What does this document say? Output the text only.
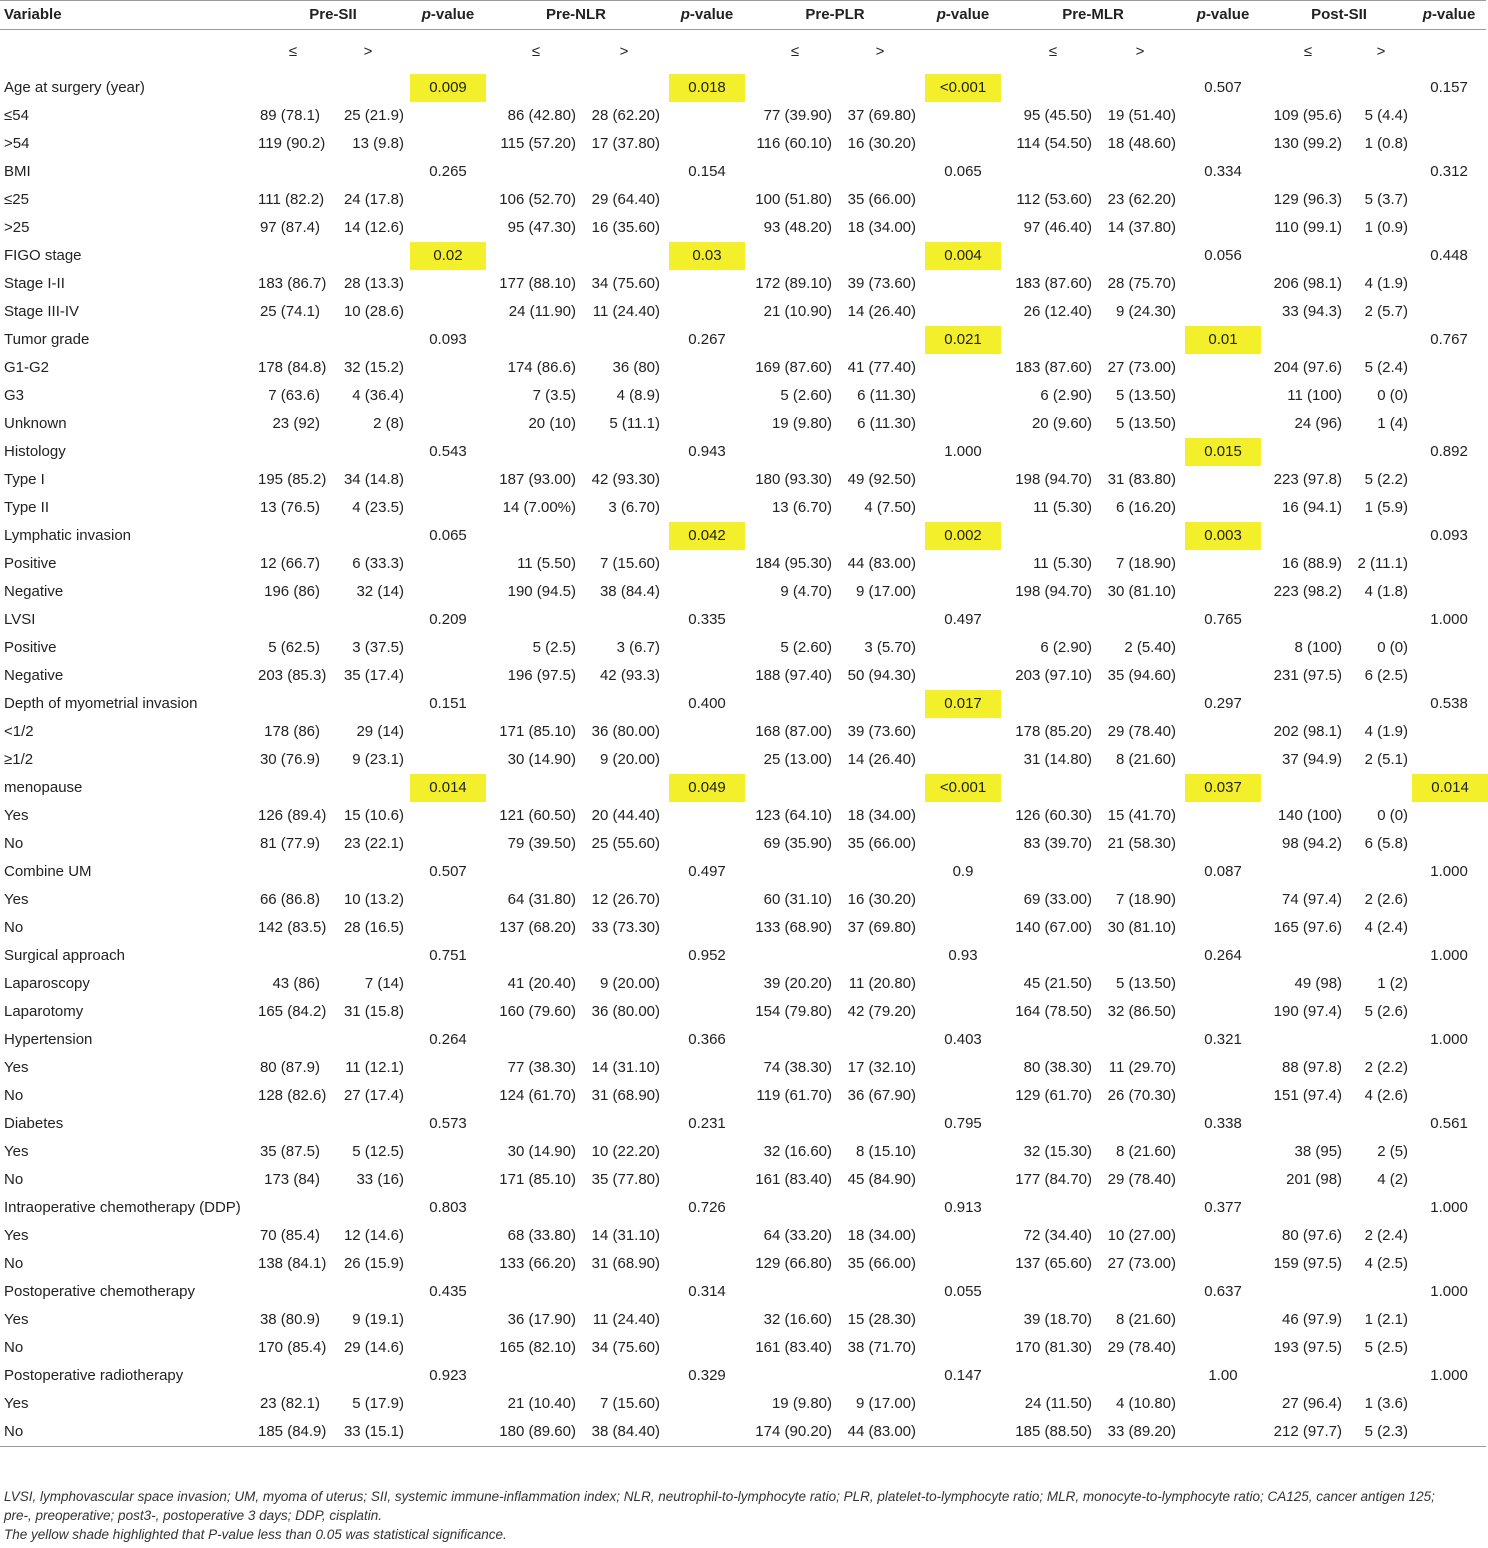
Variable	Pre-SII		p-value	Pre-NLR		p-value	Pre-PLR		p-value	Pre-MLR		p-value	Post-SII		p-value
	≤	>		≤	>		≤	>		≤	>		≤	>	
Age at surgery (year)			0.009			0.018			<0.001			0.507			0.157
≤54	89 (78.1)	25 (21.9)		86 (42.80)	28 (62.20)		77 (39.90)	37 (69.80)		95 (45.50)	19 (51.40)		109 (95.6)	5 (4.4)	
>54	119 (90.2)	13 (9.8)		115 (57.20)	17 (37.80)		116 (60.10)	16 (30.20)		114 (54.50)	18 (48.60)		130 (99.2)	1 (0.8)	
BMI			0.265			0.154			0.065			0.334			0.312
≤25	111 (82.2)	24 (17.8)		106 (52.70)	29 (64.40)		100 (51.80)	35 (66.00)		112 (53.60)	23 (62.20)		129 (96.3)	5 (3.7)	
>25	97 (87.4)	14 (12.6)		95 (47.30)	16 (35.60)		93 (48.20)	18 (34.00)		97 (46.40)	14 (37.80)		110 (99.1)	1 (0.9)	
FIGO stage			0.02			0.03			0.004			0.056			0.448
Stage I-II	183 (86.7)	28 (13.3)		177 (88.10)	34 (75.60)		172 (89.10)	39 (73.60)		183 (87.60)	28 (75.70)		206 (98.1)	4 (1.9)	
Stage III-IV	25 (74.1)	10 (28.6)		24 (11.90)	11 (24.40)		21 (10.90)	14 (26.40)		26 (12.40)	9 (24.30)		33 (94.3)	2 (5.7)	
Tumor grade			0.093			0.267			0.021			0.01			0.767
G1-G2	178 (84.8)	32 (15.2)		174 (86.6)	36 (80)		169 (87.60)	41 (77.40)		183 (87.60)	27 (73.00)		204 (97.6)	5 (2.4)	
G3	7 (63.6)	4 (36.4)		7 (3.5)	4 (8.9)		5 (2.60)	6 (11.30)		6 (2.90)	5 (13.50)		11 (100)	0 (0)	
Unknown	23 (92)	2 (8)		20 (10)	5 (11.1)		19 (9.80)	6 (11.30)		20 (9.60)	5 (13.50)		24 (96)	1 (4)	
Histology			0.543			0.943			1.000			0.015			0.892
Type I	195 (85.2)	34 (14.8)		187 (93.00)	42 (93.30)		180 (93.30)	49 (92.50)		198 (94.70)	31 (83.80)		223 (97.8)	5 (2.2)	
Type II	13 (76.5)	4 (23.5)		14 (7.00%)	3 (6.70)		13 (6.70)	4 (7.50)		11 (5.30)	6 (16.20)		16 (94.1)	1 (5.9)	
Lymphatic invasion			0.065			0.042			0.002			0.003			0.093
Positive	12 (66.7)	6 (33.3)		11 (5.50)	7 (15.60)		184 (95.30)	44 (83.00)		11 (5.30)	7 (18.90)		16 (88.9)	2 (11.1)	
Negative	196 (86)	32 (14)		190 (94.5)	38 (84.4)		9 (4.70)	9 (17.00)		198 (94.70)	30 (81.10)		223 (98.2)	4 (1.8)	
LVSI			0.209			0.335			0.497			0.765			1.000
Positive	5 (62.5)	3 (37.5)		5 (2.5)	3 (6.7)		5 (2.60)	3 (5.70)		6 (2.90)	2 (5.40)		8 (100)	0 (0)	
Negative	203 (85.3)	35 (17.4)		196 (97.5)	42 (93.3)		188 (97.40)	50 (94.30)		203 (97.10)	35 (94.60)		231 (97.5)	6 (2.5)	
Depth of myometrial invasion			0.151			0.400			0.017			0.297			0.538
<1/2	178 (86)	29 (14)		171 (85.10)	36 (80.00)		168 (87.00)	39 (73.60)		178 (85.20)	29 (78.40)		202 (98.1)	4 (1.9)	
≥1/2	30 (76.9)	9 (23.1)		30 (14.90)	9 (20.00)		25 (13.00)	14 (26.40)		31 (14.80)	8 (21.60)		37 (94.9)	2 (5.1)	
menopause			0.014			0.049			<0.001			0.037			0.014
Yes	126 (89.4)	15 (10.6)		121 (60.50)	20 (44.40)		123 (64.10)	18 (34.00)		126 (60.30)	15 (41.70)		140 (100)	0 (0)	
No	81 (77.9)	23 (22.1)		79 (39.50)	25 (55.60)		69 (35.90)	35 (66.00)		83 (39.70)	21 (58.30)		98 (94.2)	6 (5.8)	
Combine UM			0.507			0.497			0.9			0.087			1.000
Yes	66 (86.8)	10 (13.2)		64 (31.80)	12 (26.70)		60 (31.10)	16 (30.20)		69 (33.00)	7 (18.90)		74 (97.4)	2 (2.6)	
No	142 (83.5)	28 (16.5)		137 (68.20)	33 (73.30)		133 (68.90)	37 (69.80)		140 (67.00)	30 (81.10)		165 (97.6)	4 (2.4)	
Surgical approach			0.751			0.952			0.93			0.264			1.000
Laparoscopy	43 (86)	7 (14)		41 (20.40)	9 (20.00)		39 (20.20)	11 (20.80)		45 (21.50)	5 (13.50)		49 (98)	1 (2)	
Laparotomy	165 (84.2)	31 (15.8)		160 (79.60)	36 (80.00)		154 (79.80)	42 (79.20)		164 (78.50)	32 (86.50)		190 (97.4)	5 (2.6)	
Hypertension			0.264			0.366			0.403			0.321			1.000
Yes	80 (87.9)	11 (12.1)		77 (38.30)	14 (31.10)		74 (38.30)	17 (32.10)		80 (38.30)	11 (29.70)		88 (97.8)	2 (2.2)	
No	128 (82.6)	27 (17.4)		124 (61.70)	31 (68.90)		119 (61.70)	36 (67.90)		129 (61.70)	26 (70.30)		151 (97.4)	4 (2.6)	
Diabetes			0.573			0.231			0.795			0.338			0.561
Yes	35 (87.5)	5 (12.5)		30 (14.90)	10 (22.20)		32 (16.60)	8 (15.10)		32 (15.30)	8 (21.60)		38 (95)	2 (5)	
No	173 (84)	33 (16)		171 (85.10)	35 (77.80)		161 (83.40)	45 (84.90)		177 (84.70)	29 (78.40)		201 (98)	4 (2)	
Intraoperative chemotherapy (DDP)			0.803			0.726			0.913			0.377			1.000
Yes	70 (85.4)	12 (14.6)		68 (33.80)	14 (31.10)		64 (33.20)	18 (34.00)		72 (34.40)	10 (27.00)		80 (97.6)	2 (2.4)	
No	138 (84.1)	26 (15.9)		133 (66.20)	31 (68.90)		129 (66.80)	35 (66.00)		137 (65.60)	27 (73.00)		159 (97.5)	4 (2.5)	
Postoperative chemotherapy			0.435			0.314			0.055			0.637			1.000
Yes	38 (80.9)	9 (19.1)		36 (17.90)	11 (24.40)		32 (16.60)	15 (28.30)		39 (18.70)	8 (21.60)		46 (97.9)	1 (2.1)	
No	170 (85.4)	29 (14.6)		165 (82.10)	34 (75.60)		161 (83.40)	38 (71.70)		170 (81.30)	29 (78.40)		193 (97.5)	5 (2.5)	
Postoperative radiotherapy			0.923			0.329			0.147			1.00			1.000
Yes	23 (82.1)	5 (17.9)		21 (10.40)	7 (15.60)		19 (9.80)	9 (17.00)		24 (11.50)	4 (10.80)		27 (96.4)	1 (3.6)	
No	185 (84.9)	33 (15.1)		180 (89.60)	38 (84.40)		174 (90.20)	44 (83.00)		185 (88.50)	33 (89.20)		212 (97.7)	5 (2.3)	

LVSI, lymphovascular space invasion; UM, myoma of uterus; SII, systemic immune-inflammation index; NLR, neutrophil-to-lymphocyte ratio; PLR, platelet-to-lymphocyte ratio; MLR, monocyte-to-lymphocyte ratio; CA125, cancer antigen 125; pre-, preoperative; post3-, postoperative 3 days; DDP, cisplatin.

The yellow shade highlighted that P-value less than 0.05 was statistical significance.
